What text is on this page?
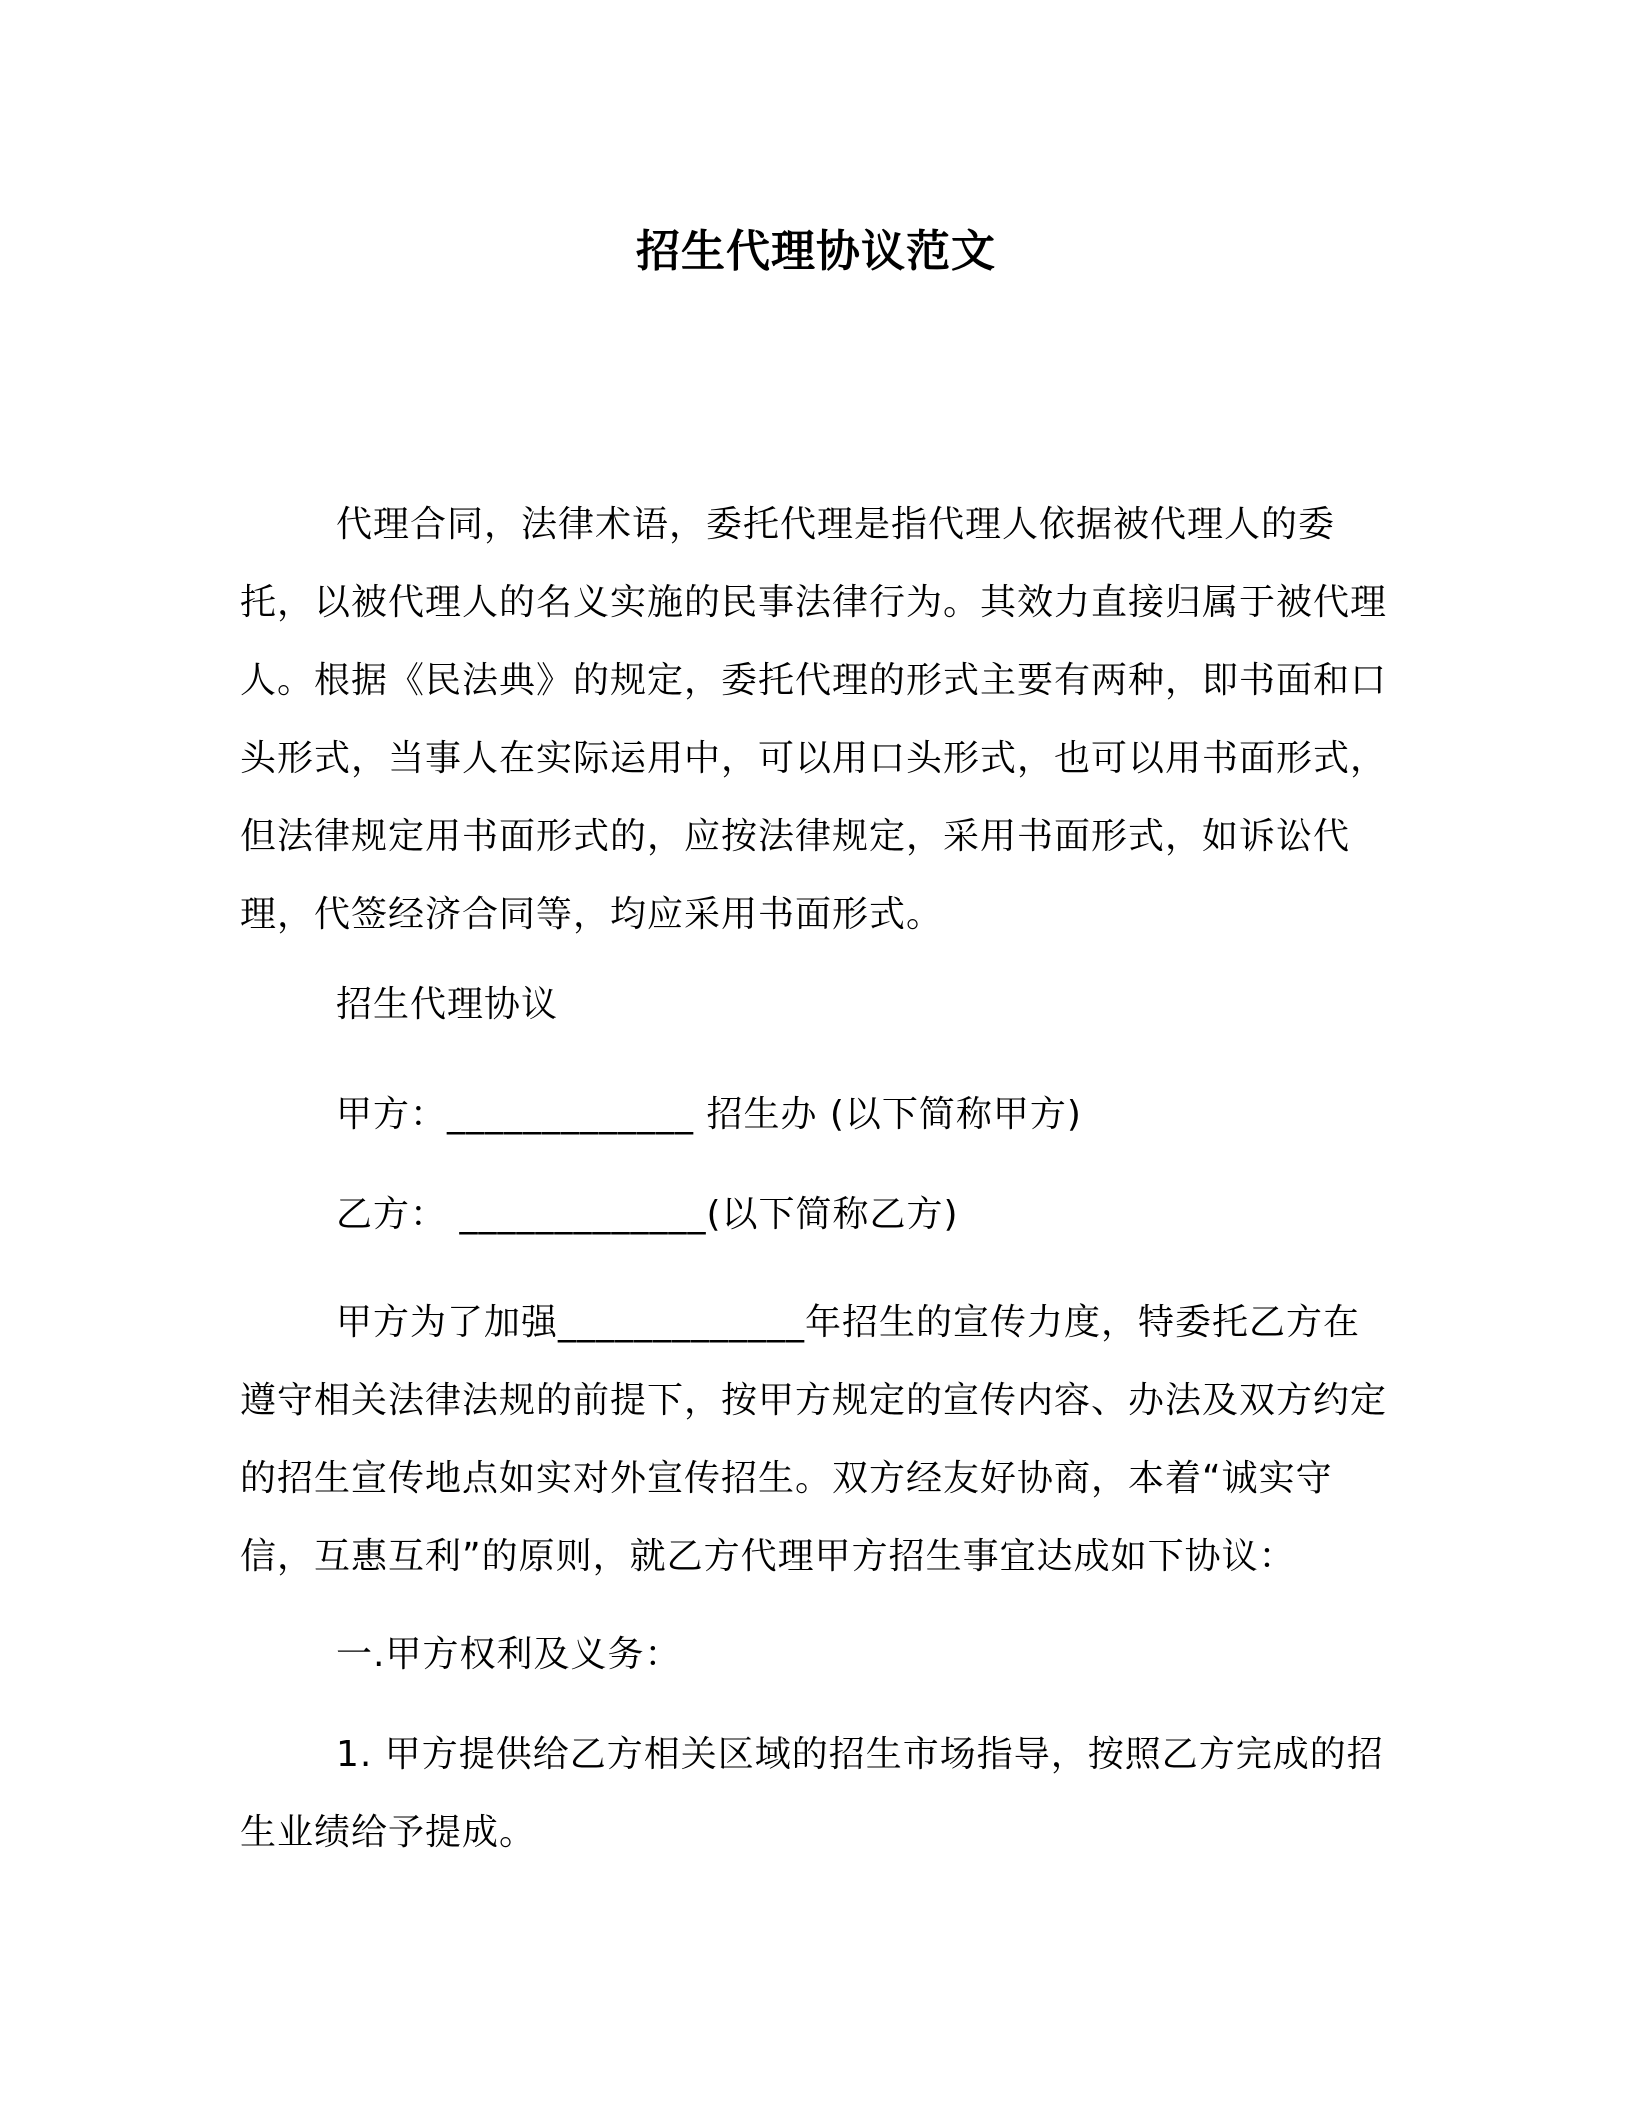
招生代理协议范文

代理合同，法律术语，委托代理是指代理人依据被代理人的委托，以被代理人的名义实施的民事法律行为。其效力直接归属于被代理人。根据《民法典》的规定，委托代理的形式主要有两种，即书面和口头形式，当事人在实际运用中，可以用口头形式，也可以用书面形式，但法律规定用书面形式的，应按法律规定，采用书面形式，如诉讼代理，代签经济合同等，均应采用书面形式。

招生代理协议

甲方：_____________ 招生办 (以下简称甲方)

乙方： _____________(以下简称乙方)

甲方为了加强_____________年招生的宣传力度，特委托乙方在遵守相关法律法规的前提下，按甲方规定的宣传内容、办法及双方约定的招生宣传地点如实对外宣传招生。双方经友好协商，本着“诚实守信，互惠互利”的原则，就乙方代理甲方招生事宜达成如下协议：

一.甲方权利及义务：

1. 甲方提供给乙方相关区域的招生市场指导，按照乙方完成的招生业绩给予提成。
